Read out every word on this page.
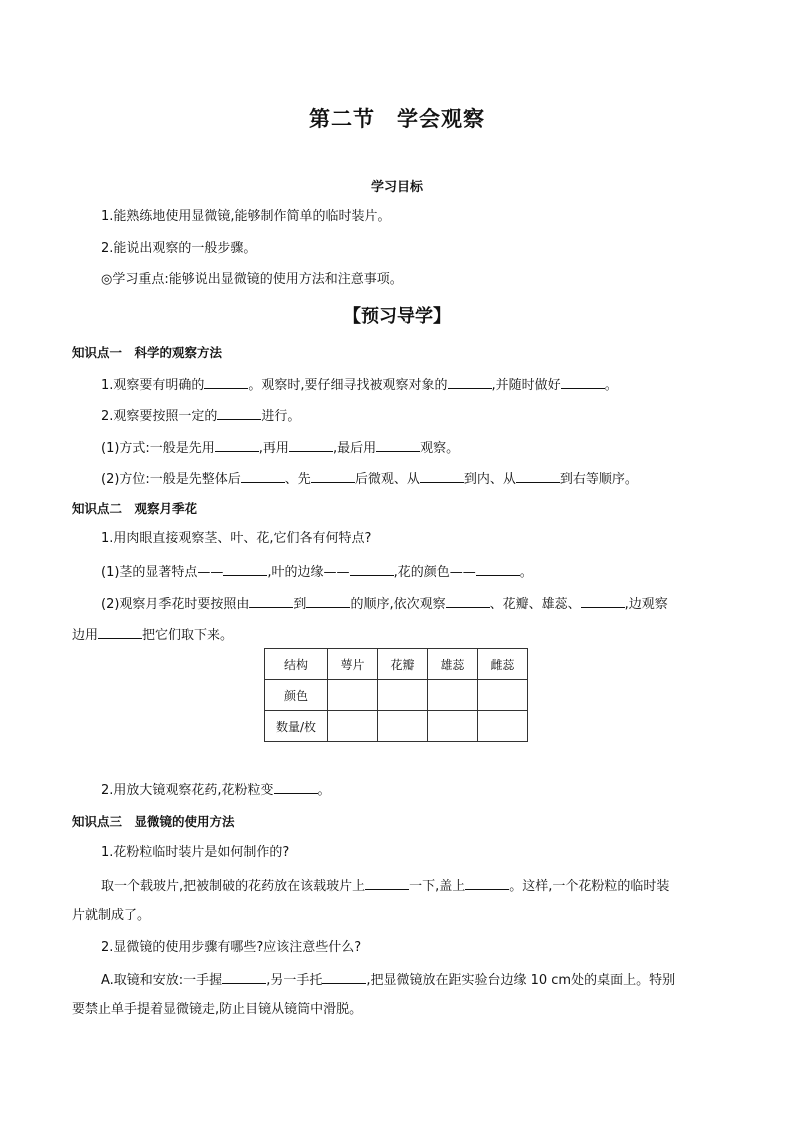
第二节　学会观察
学习目标
1.能熟练地使用显微镜,能够制作简单的临时装片。
2.能说出观察的一般步骤。
◎学习重点:能够说出显微镜的使用方法和注意事项。
【预习导学】
知识点一　科学的观察方法
1.观察要有明确的	。观察时,要仔细寻找被观察对象的	,并随时做好	。
2.观察要按照一定的	进行。
(1)方式:一般是先用	,再用	,最后用	观察。
(2)方位:一般是先整体后	、先	后微观、从	到内、从	到右等顺序。
知识点二　观察月季花
1.用肉眼直接观察茎、叶、花,它们各有何特点?
(1)茎的显著特点——	,叶的边缘——	,花的颜色——	。
(2)观察月季花时要按照由	到	的顺序,依次观察	、花瓣、雄蕊、	,边观察
边用	把它们取下来。
结构	萼片	花瓣	雄蕊	雌蕊
颜色				
数量/枚				
2.用放大镜观察花药,花粉粒变	。
知识点三　显微镜的使用方法
1.花粉粒临时装片是如何制作的?
取一个载玻片,把被制破的花药放在该载玻片上	一下,盖上	。这样,一个花粉粒的临时装
片就制成了。
2.显微镜的使用步骤有哪些?应该注意些什么?
A.取镜和安放:一手握	,另一手托	,把显微镜放在距实验台边缘 10 cm处的桌面上。特别
要禁止单手提着显微镜走,防止目镜从镜筒中滑脱。
